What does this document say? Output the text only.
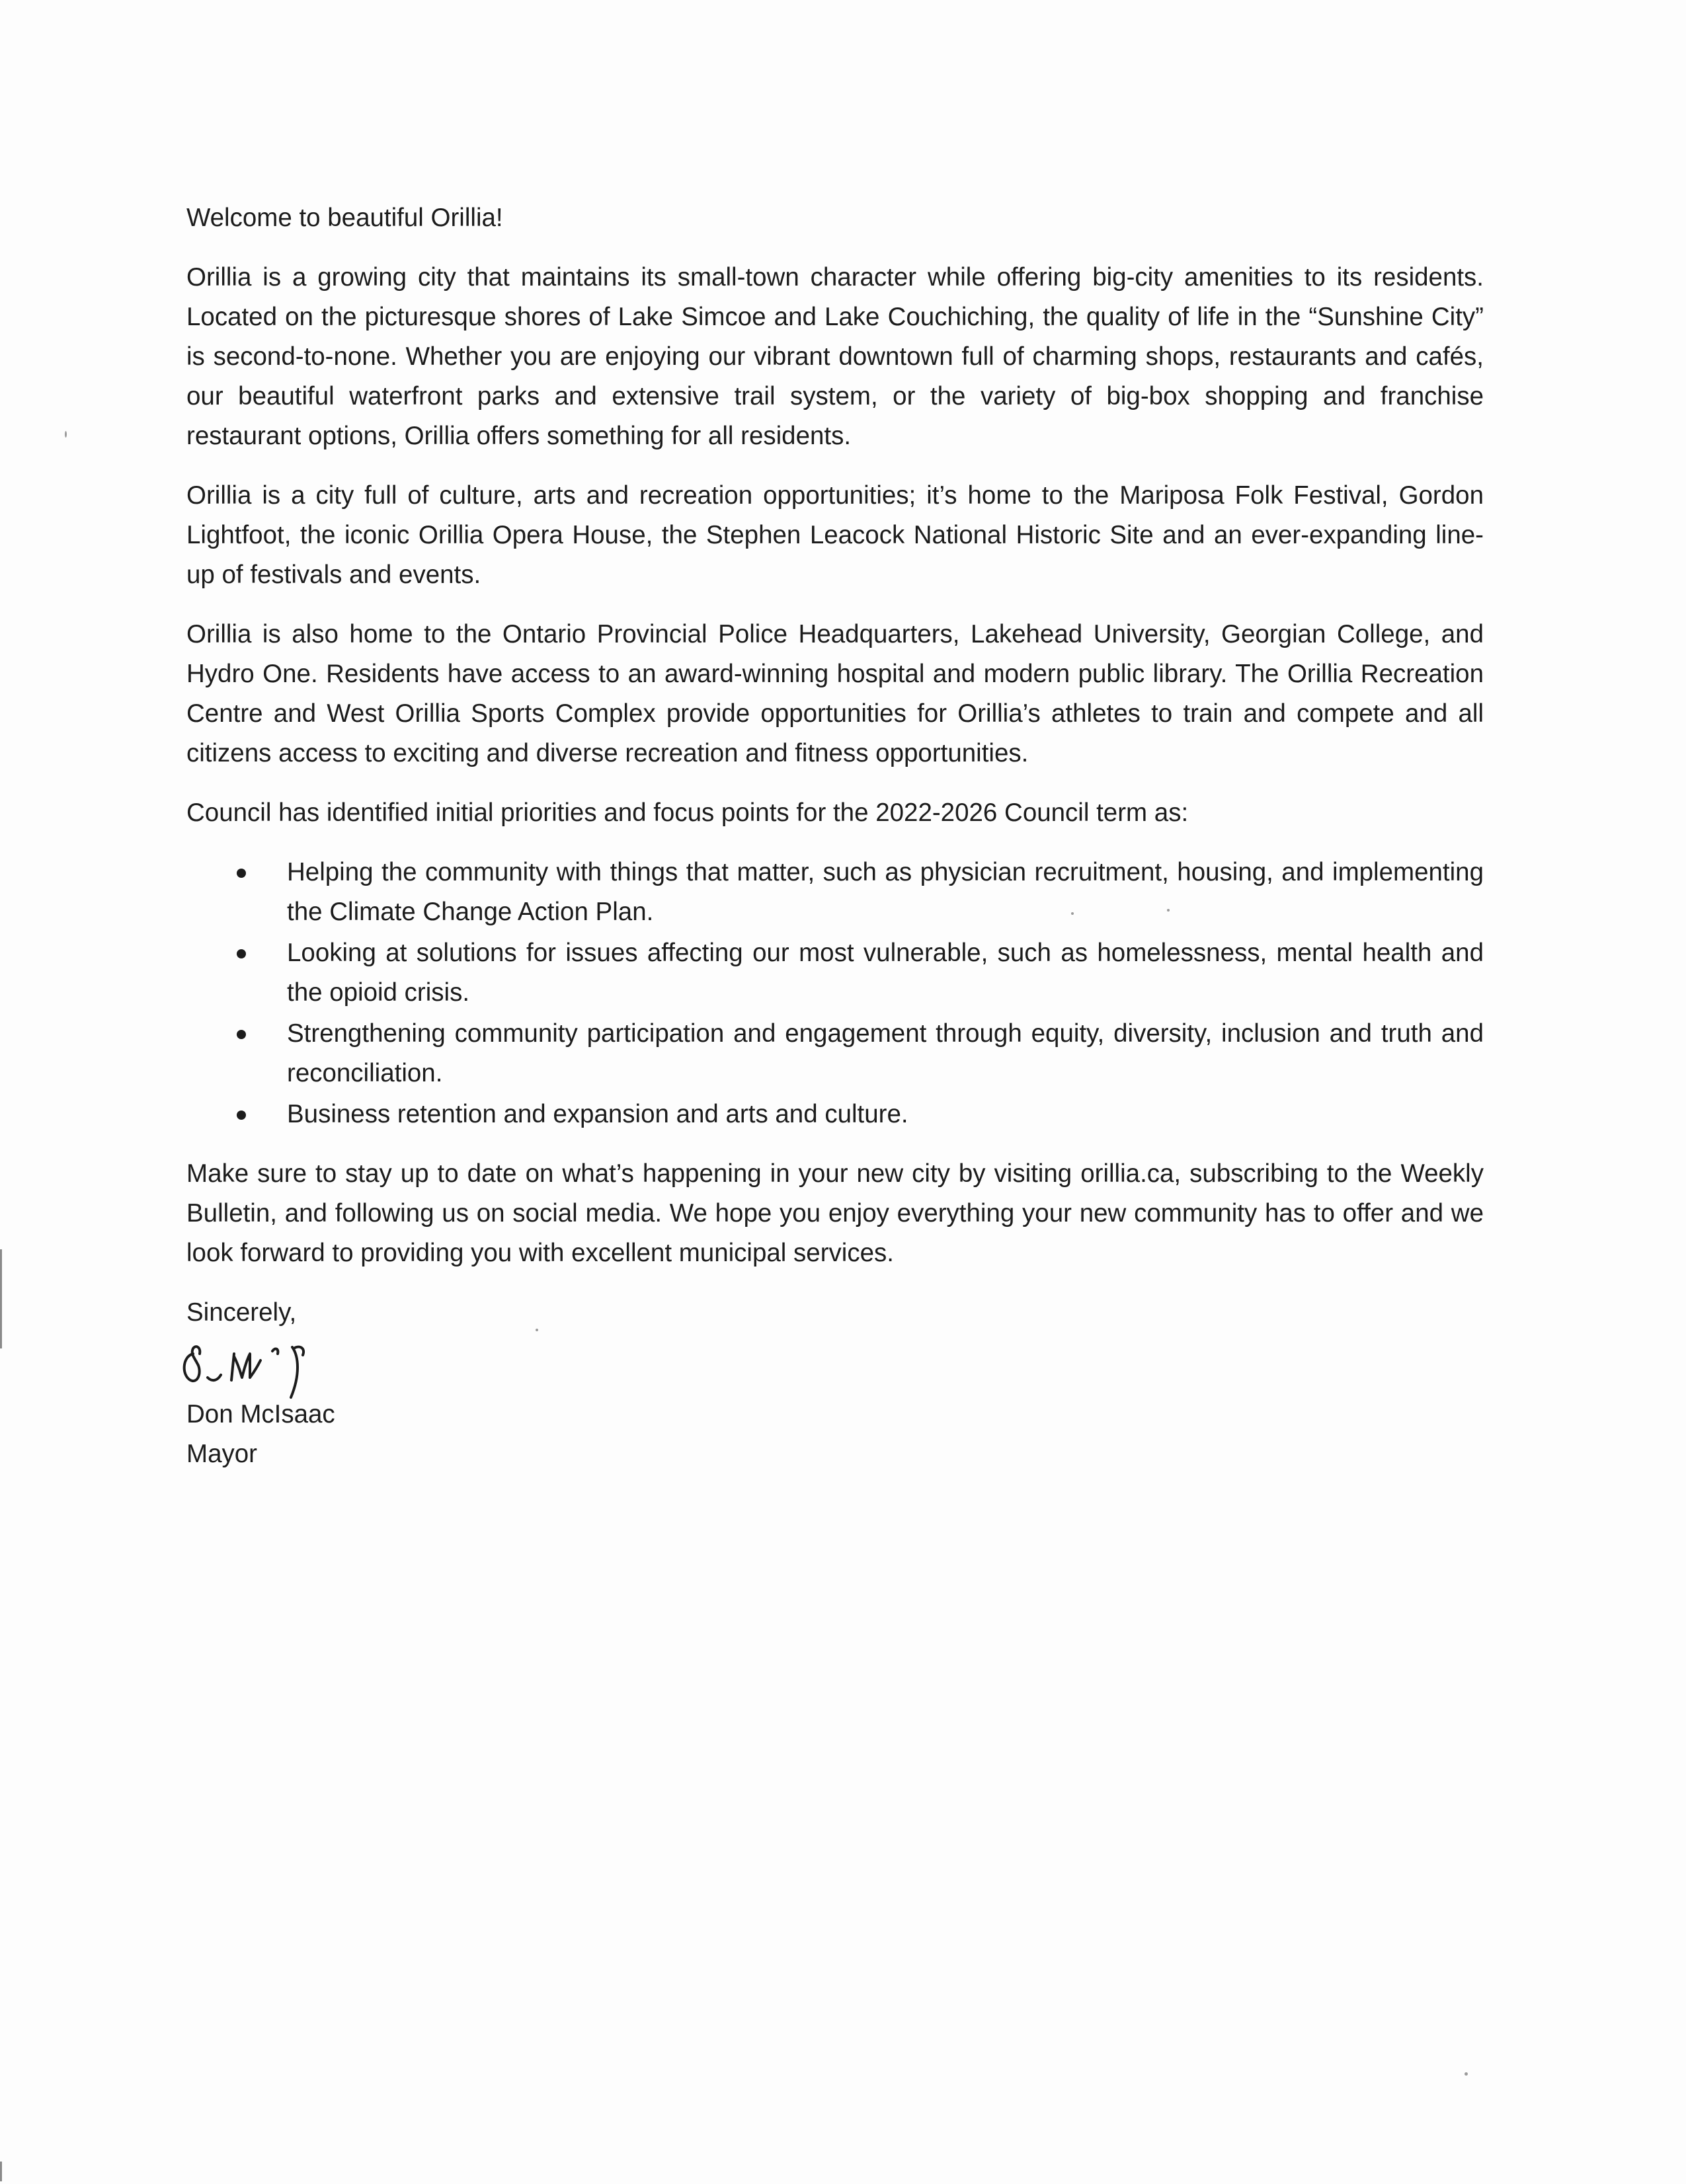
Welcome to beautiful Orillia!

Orillia is a growing city that maintains its small-town character while offering big-city amenities to its residents. Located on the picturesque shores of Lake Simcoe and Lake Couchiching, the quality of life in the “Sunshine City” is second-to-none. Whether you are enjoying our vibrant downtown full of charming shops, restaurants and cafés, our beautiful waterfront parks and extensive trail system, or the variety of big-box shopping and franchise restaurant options, Orillia offers something for all residents.

Orillia is a city full of culture, arts and recreation opportunities; it’s home to the Mariposa Folk Festival, Gordon Lightfoot, the iconic Orillia Opera House, the Stephen Leacock National Historic Site and an ever-expanding line-up of festivals and events.

Orillia is also home to the Ontario Provincial Police Headquarters, Lakehead University, Georgian College, and Hydro One. Residents have access to an award-winning hospital and modern public library. The Orillia Recreation Centre and West Orillia Sports Complex provide opportunities for Orillia’s athletes to train and compete and all citizens access to exciting and diverse recreation and fitness opportunities.

Council has identified initial priorities and focus points for the 2022-2026 Council term as:

Helping the community with things that matter, such as physician recruitment, housing, and implementing the Climate Change Action Plan.
Looking at solutions for issues affecting our most vulnerable, such as homelessness, mental health and the opioid crisis.
Strengthening community participation and engagement through equity, diversity, inclusion and truth and reconciliation.
Business retention and expansion and arts and culture.

Make sure to stay up to date on what’s happening in your new city by visiting orillia.ca, subscribing to the Weekly Bulletin, and following us on social media. We hope you enjoy everything your new community has to offer and we look forward to providing you with excellent municipal services.

Sincerely,

Don McIsaac
Mayor
